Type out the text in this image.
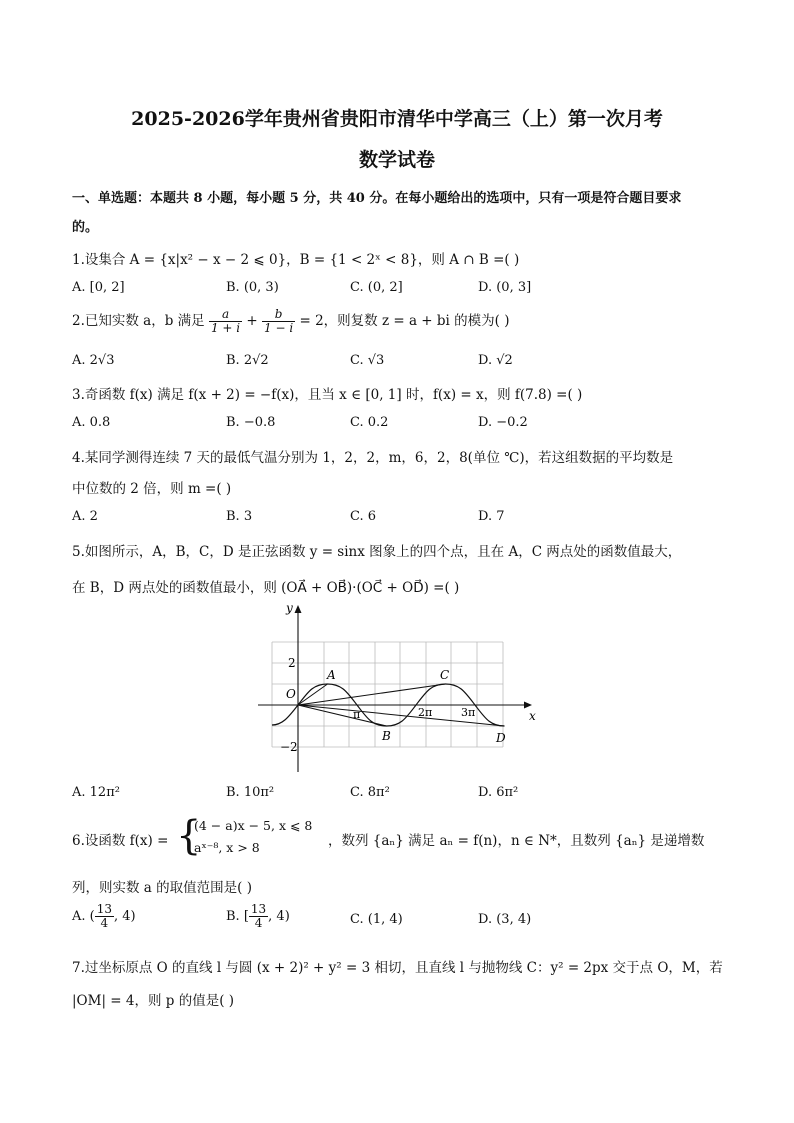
2025-2026学年贵州省贵阳市清华中学高三（上）第一次月考
数学试卷
一、单选题：本题共 8 小题，每小题 5 分，共 40 分。在每小题给出的选项中，只有一项是符合题目要求
的。
1.设集合 A = {x|x² − x − 2 ⩽ 0}，B = {1 < 2ˣ < 8}，则 A ∩ B =( )
A. [0, 2]	B. (0, 3)	C. (0, 2]	D. (0, 3]
2.已知实数 a，b 满足 $\frac{a}{1 + i} + \frac{b}{1 - i} = 2$，则复数 z = a + bi 的模为( )
A. 2√3	B. 2√2	C. √3	D. √2
3.奇函数 f(x) 满足 f(x + 2) = −f(x)，且当 x ∈ [0, 1] 时，f(x) = x，则 f(7.8) =( )
A. 0.8	B. −0.8	C. 0.2	D. −0.2
4.某同学测得连续 7 天的最低气温分别为 1，2，2，m，6，2，8(单位 ℃)，若这组数据的平均数是
中位数的 2 倍，则 m =( )
A. 2	B. 3	C. 6	D. 7
5.如图所示，A，B，C，D 是正弦函数 y = sinx 图象上的四个点，且在 A，C 两点处的函数值最大，
在 B，D 两点处的函数值最小，则 (OA⃗ + OB⃗)·(OC⃗ + OD⃗) =( )
y
x
O
2
−2
π	2π	3π
A
B
C
D
A. 12π²	B. 10π²	C. 8π²	D. 6π²
6.设函数 f(x) = {
(4 − a)x − 5, x ⩽ 8
aˣ⁻⁸, x > 8	，数列 {aₙ} 满足 aₙ = f(n)，n ∈ N*，且数列 {aₙ} 是递增数
列，则实数 a 的取值范围是( )
A. ( $\frac{13}{4}$ , 4)	B. [ $\frac{13}{4}$ , 4)	C. (1, 4)	D. (3, 4)
7.过坐标原点 O 的直线 l 与圆 (x + 2)² + y² = 3 相切，且直线 l 与抛物线 C：y² = 2px 交于点 O，M，若
|OM| = 4，则 p 的值是( )
